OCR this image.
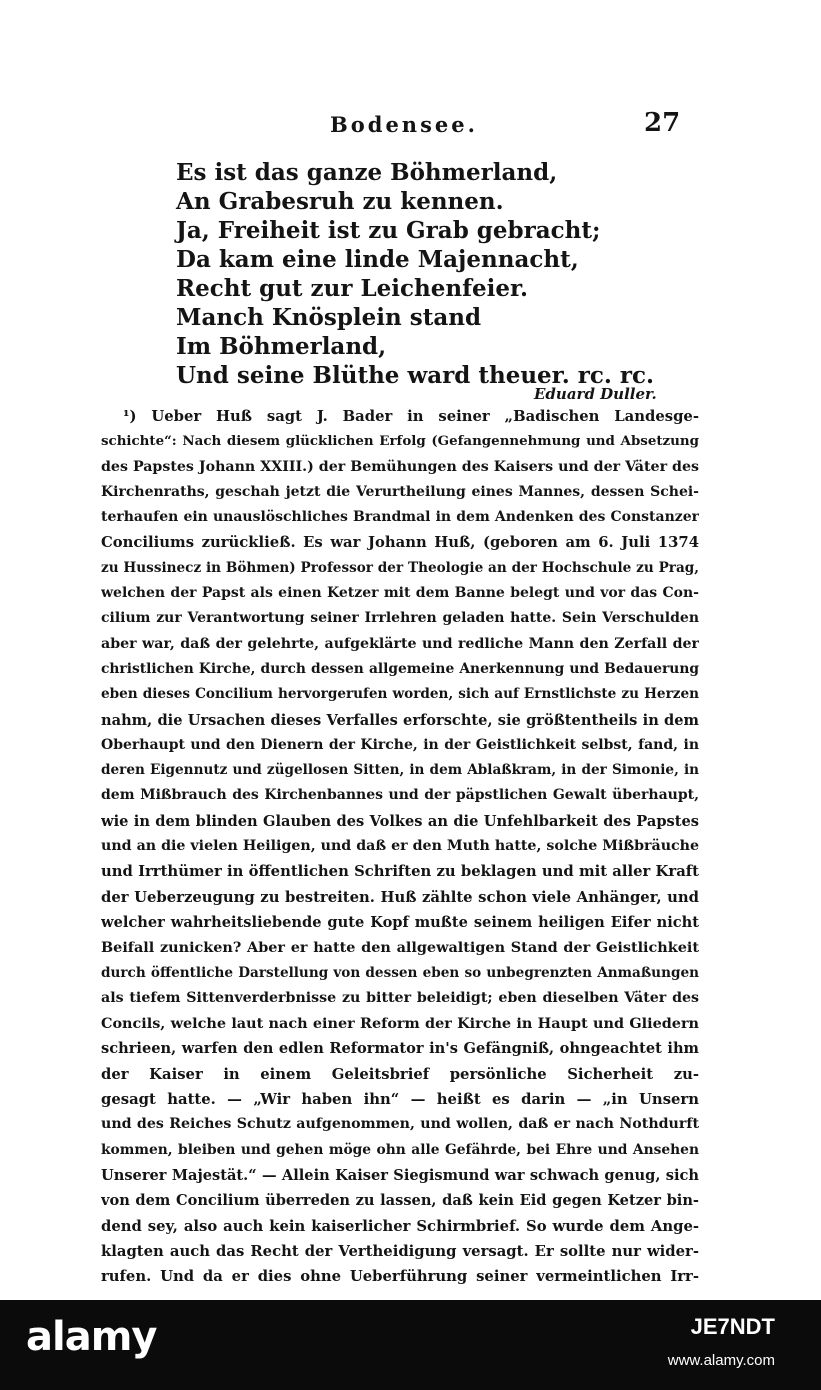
Bodensee.	27
Es ist das ganze Böhmerland,
An Grabesruh zu kennen.
Ja, Freiheit ist zu Grab gebracht;
Da kam eine linde Majennacht,
Recht gut zur Leichenfeier.
Manch Knösplein stand
Im Böhmerland,
Und seine Blüthe ward theuer. rc. rc.
Eduard Duller.
¹) Ueber Huß sagt J. Bader in seiner „Badischen Landesge-
schichte“: Nach diesem glücklichen Erfolg (Gefangennehmung und Absetzung
des Papstes Johann XXIII.) der Bemühungen des Kaisers und der Väter des
Kirchenraths, geschah jetzt die Verurtheilung eines Mannes, dessen Schei-
terhaufen ein unauslöschliches Brandmal in dem Andenken des Constanzer
Conciliums zurückließ. Es war Johann Huß, (geboren am 6. Juli 1374
zu Hussinecz in Böhmen) Professor der Theologie an der Hochschule zu Prag,
welchen der Papst als einen Ketzer mit dem Banne belegt und vor das Con-
cilium zur Verantwortung seiner Irrlehren geladen hatte. Sein Verschulden
aber war, daß der gelehrte, aufgeklärte und redliche Mann den Zerfall der
christlichen Kirche, durch dessen allgemeine Anerkennung und Bedauerung
eben dieses Concilium hervorgerufen worden, sich auf Ernstlichste zu Herzen
nahm, die Ursachen dieses Verfalles erforschte, sie größtentheils in dem
Oberhaupt und den Dienern der Kirche, in der Geistlichkeit selbst, fand, in
deren Eigennutz und zügellosen Sitten, in dem Ablaßkram, in der Simonie, in
dem Mißbrauch des Kirchenbannes und der päpstlichen Gewalt überhaupt,
wie in dem blinden Glauben des Volkes an die Unfehlbarkeit des Papstes
und an die vielen Heiligen, und daß er den Muth hatte, solche Mißbräuche
und Irrthümer in öffentlichen Schriften zu beklagen und mit aller Kraft
der Ueberzeugung zu bestreiten. Huß zählte schon viele Anhänger, und
welcher wahrheitsliebende gute Kopf mußte seinem heiligen Eifer nicht
Beifall zunicken? Aber er hatte den allgewaltigen Stand der Geistlichkeit
durch öffentliche Darstellung von dessen eben so unbegrenzten Anmaßungen
als tiefem Sittenverderbnisse zu bitter beleidigt; eben dieselben Väter des
Concils, welche laut nach einer Reform der Kirche in Haupt und Gliedern
schrieen, warfen den edlen Reformator in's Gefängniß, ohngeachtet ihm
der Kaiser in einem Geleitsbrief persönliche Sicherheit zu-
gesagt hatte. — „Wir haben ihn“ — heißt es darin — „in Unsern
und des Reiches Schutz aufgenommen, und wollen, daß er nach Nothdurft
kommen, bleiben und gehen möge ohn alle Gefährde, bei Ehre und Ansehen
Unserer Majestät.“ — Allein Kaiser Siegismund war schwach genug, sich
von dem Concilium überreden zu lassen, daß kein Eid gegen Ketzer bin-
dend sey, also auch kein kaiserlicher Schirmbrief. So wurde dem Ange-
klagten auch das Recht der Vertheidigung versagt. Er sollte nur wider-
rufen. Und da er dies ohne Ueberführung seiner vermeintlichen Irr-
alamy	JE7NDT
www.alamy.com
